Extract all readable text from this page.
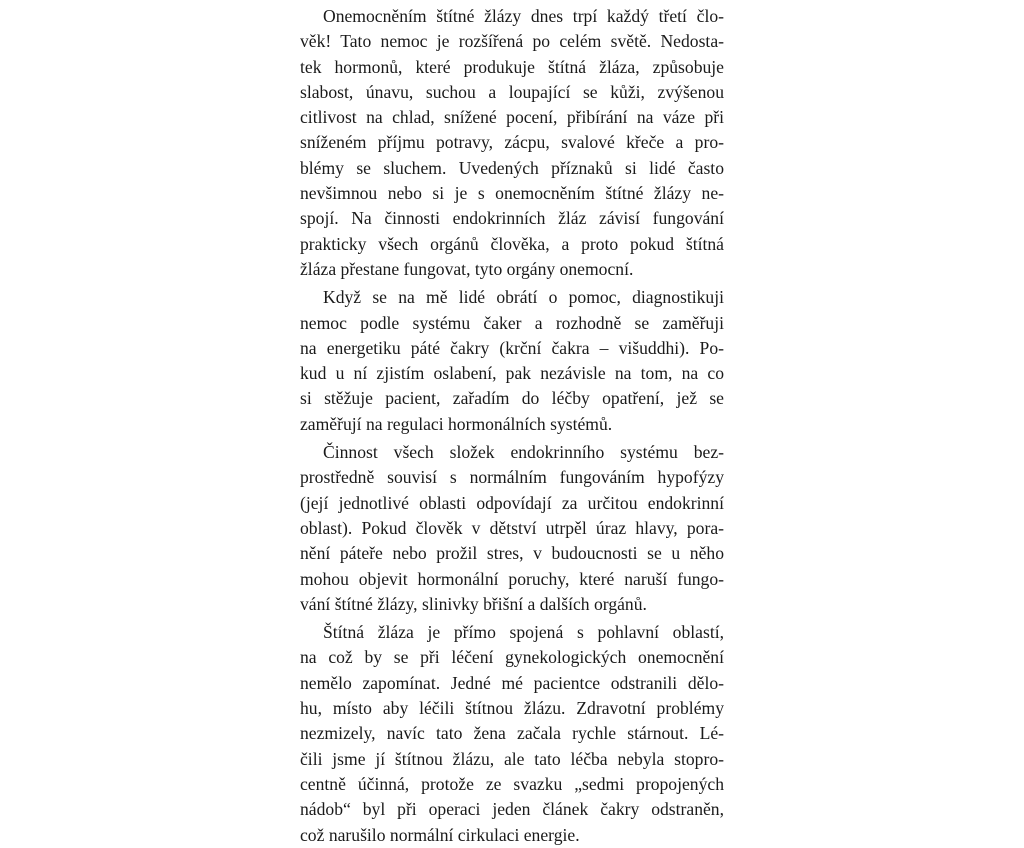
Onemocněním štítné žlázy dnes trpí každý třetí člo-
věk! Tato nemoc je rozšířená po celém světě. Nedosta-
tek hormonů, které produkuje štítná žláza, způsobuje
slabost, únavu, suchou a loupající se kůži, zvýšenou
citlivost na chlad, snížené pocení, přibírání na váze při
sníženém příjmu potravy, zácpu, svalové křeče a pro-
blémy se sluchem. Uvedených příznaků si lidé často
nevšimnou nebo si je s onemocněním štítné žlázy ne-
spojí. Na činnosti endokrinních žláz závisí fungování
prakticky všech orgánů člověka, a proto pokud štítná
žláza přestane fungovat, tyto orgány onemocní.
Když se na mě lidé obrátí o pomoc, diagnostikuji
nemoc podle systému čaker a rozhodně se zaměřuji
na energetiku páté čakry (krční čakra – višuddhi). Po-
kud u ní zjistím oslabení, pak nezávisle na tom, na co
si stěžuje pacient, zařadím do léčby opatření, jež se
zaměřují na regulaci hormonálních systémů.
Činnost všech složek endokrinního systému bez-
prostředně souvisí s normálním fungováním hypofýzy
(její jednotlivé oblasti odpovídají za určitou endokrinní
oblast). Pokud člověk v dětství utrpěl úraz hlavy, pora-
nění páteře nebo prožil stres, v budoucnosti se u něho
mohou objevit hormonální poruchy, které naruší fungo-
vání štítné žlázy, slinivky břišní a dalších orgánů.
Štítná žláza je přímo spojená s pohlavní oblastí,
na což by se při léčení gynekologických onemocnění
nemělo zapomínat. Jedné mé pacientce odstranili dělo-
hu, místo aby léčili štítnou žlázu. Zdravotní problémy
nezmizely, navíc tato žena začala rychle stárnout. Lé-
čili jsme jí štítnou žlázu, ale tato léčba nebyla stopro-
centně účinná, protože ze svazku „sedmi propojených
nádob“ byl při operaci jeden článek čakry odstraněn,
což narušilo normální cirkulaci energie.
